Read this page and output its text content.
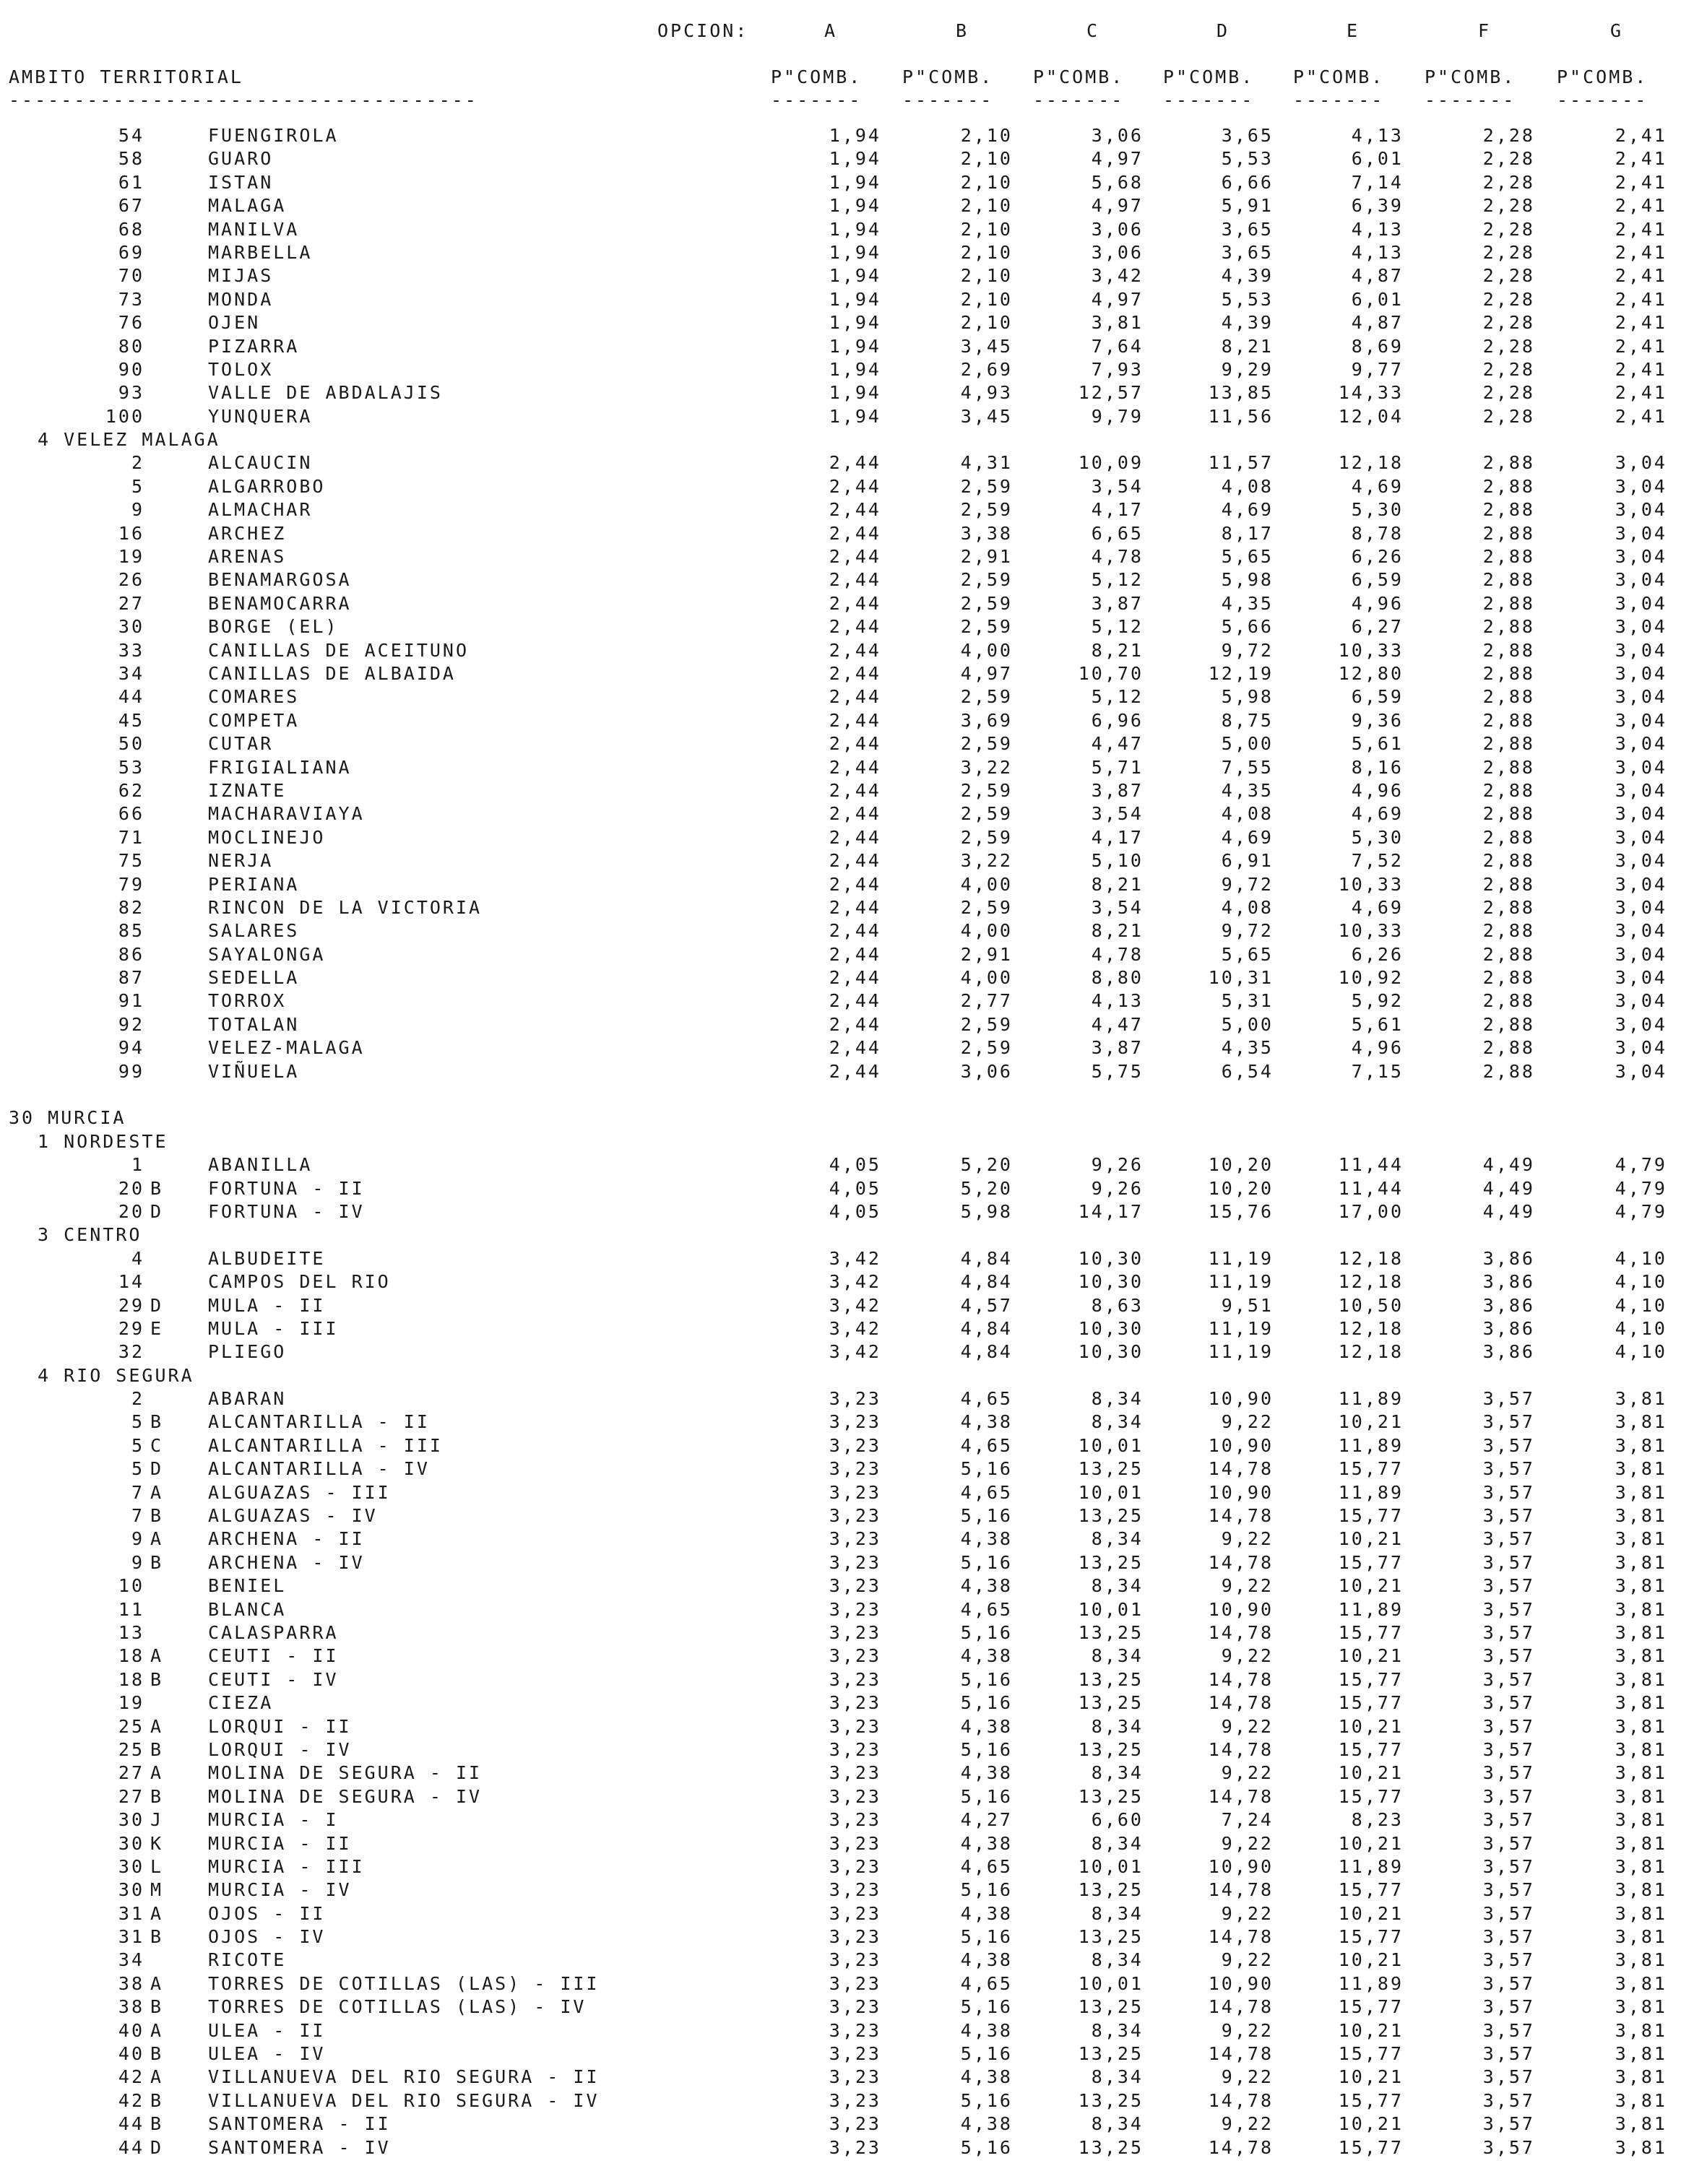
OPCION:	A	B	C	D	E	F	G
AMBITO TERRITORIAL	P"COMB. P"COMB. P"COMB. P"COMB. P"COMB. P"COMB. P"COMB.
------------------------------------	------- ------- ------- ------- ------- ------- -------
54	FUENGIROLA	1,94	2,10	3,06	3,65	4,13	2,28	2,41
58	GUARO	1,94	2,10	4,97	5,53	6,01	2,28	2,41
61	ISTAN	1,94	2,10	5,68	6,66	7,14	2,28	2,41
67	MALAGA	1,94	2,10	4,97	5,91	6,39	2,28	2,41
68	MANILVA	1,94	2,10	3,06	3,65	4,13	2,28	2,41
69	MARBELLA	1,94	2,10	3,06	3,65	4,13	2,28	2,41
70	MIJAS	1,94	2,10	3,42	4,39	4,87	2,28	2,41
73	MONDA	1,94	2,10	4,97	5,53	6,01	2,28	2,41
76	OJEN	1,94	2,10	3,81	4,39	4,87	2,28	2,41
80	PIZARRA	1,94	3,45	7,64	8,21	8,69	2,28	2,41
90	TOLOX	1,94	2,69	7,93	9,29	9,77	2,28	2,41
93	VALLE DE ABDALAJIS	1,94	4,93	12,57	13,85	14,33	2,28	2,41
100	YUNQUERA	1,94	3,45	9,79	11,56	12,04	2,28	2,41
4 VELEZ MALAGA
2	ALCAUCIN	2,44	4,31	10,09	11,57	12,18	2,88	3,04
5	ALGARROBO	2,44	2,59	3,54	4,08	4,69	2,88	3,04
9	ALMACHAR	2,44	2,59	4,17	4,69	5,30	2,88	3,04
16	ARCHEZ	2,44	3,38	6,65	8,17	8,78	2,88	3,04
19	ARENAS	2,44	2,91	4,78	5,65	6,26	2,88	3,04
26	BENAMARGOSA	2,44	2,59	5,12	5,98	6,59	2,88	3,04
27	BENAMOCARRA	2,44	2,59	3,87	4,35	4,96	2,88	3,04
30	BORGE (EL)	2,44	2,59	5,12	5,66	6,27	2,88	3,04
33	CANILLAS DE ACEITUNO	2,44	4,00	8,21	9,72	10,33	2,88	3,04
34	CANILLAS DE ALBAIDA	2,44	4,97	10,70	12,19	12,80	2,88	3,04
44	COMARES	2,44	2,59	5,12	5,98	6,59	2,88	3,04
45	COMPETA	2,44	3,69	6,96	8,75	9,36	2,88	3,04
50	CUTAR	2,44	2,59	4,47	5,00	5,61	2,88	3,04
53	FRIGIALIANA	2,44	3,22	5,71	7,55	8,16	2,88	3,04
62	IZNATE	2,44	2,59	3,87	4,35	4,96	2,88	3,04
66	MACHARAVIAYA	2,44	2,59	3,54	4,08	4,69	2,88	3,04
71	MOCLINEJO	2,44	2,59	4,17	4,69	5,30	2,88	3,04
75	NERJA	2,44	3,22	5,10	6,91	7,52	2,88	3,04
79	PERIANA	2,44	4,00	8,21	9,72	10,33	2,88	3,04
82	RINCON DE LA VICTORIA	2,44	2,59	3,54	4,08	4,69	2,88	3,04
85	SALARES	2,44	4,00	8,21	9,72	10,33	2,88	3,04
86	SAYALONGA	2,44	2,91	4,78	5,65	6,26	2,88	3,04
87	SEDELLA	2,44	4,00	8,80	10,31	10,92	2,88	3,04
91	TORROX	2,44	2,77	4,13	5,31	5,92	2,88	3,04
92	TOTALAN	2,44	2,59	4,47	5,00	5,61	2,88	3,04
94	VELEZ-MALAGA	2,44	2,59	3,87	4,35	4,96	2,88	3,04
99	VIÑUELA	2,44	3,06	5,75	6,54	7,15	2,88	3,04
30 MURCIA
1 NORDESTE
1	ABANILLA	4,05	5,20	9,26	10,20	11,44	4,49	4,79
20 B	FORTUNA - II	4,05	5,20	9,26	10,20	11,44	4,49	4,79
20 D	FORTUNA - IV	4,05	5,98	14,17	15,76	17,00	4,49	4,79
3 CENTRO
4	ALBUDEITE	3,42	4,84	10,30	11,19	12,18	3,86	4,10
14	CAMPOS DEL RIO	3,42	4,84	10,30	11,19	12,18	3,86	4,10
29 D	MULA - II	3,42	4,57	8,63	9,51	10,50	3,86	4,10
29 E	MULA - III	3,42	4,84	10,30	11,19	12,18	3,86	4,10
32	PLIEGO	3,42	4,84	10,30	11,19	12,18	3,86	4,10
4 RIO SEGURA
2	ABARAN	3,23	4,65	8,34	10,90	11,89	3,57	3,81
5 B	ALCANTARILLA - II	3,23	4,38	8,34	9,22	10,21	3,57	3,81
5 C	ALCANTARILLA - III	3,23	4,65	10,01	10,90	11,89	3,57	3,81
5 D	ALCANTARILLA - IV	3,23	5,16	13,25	14,78	15,77	3,57	3,81
7 A	ALGUAZAS - III	3,23	4,65	10,01	10,90	11,89	3,57	3,81
7 B	ALGUAZAS - IV	3,23	5,16	13,25	14,78	15,77	3,57	3,81
9 A	ARCHENA - II	3,23	4,38	8,34	9,22	10,21	3,57	3,81
9 B	ARCHENA - IV	3,23	5,16	13,25	14,78	15,77	3,57	3,81
10	BENIEL	3,23	4,38	8,34	9,22	10,21	3,57	3,81
11	BLANCA	3,23	4,65	10,01	10,90	11,89	3,57	3,81
13	CALASPARRA	3,23	5,16	13,25	14,78	15,77	3,57	3,81
18 A	CEUTI - II	3,23	4,38	8,34	9,22	10,21	3,57	3,81
18 B	CEUTI - IV	3,23	5,16	13,25	14,78	15,77	3,57	3,81
19	CIEZA	3,23	5,16	13,25	14,78	15,77	3,57	3,81
25 A	LORQUI - II	3,23	4,38	8,34	9,22	10,21	3,57	3,81
25 B	LORQUI - IV	3,23	5,16	13,25	14,78	15,77	3,57	3,81
27 A	MOLINA DE SEGURA - II	3,23	4,38	8,34	9,22	10,21	3,57	3,81
27 B	MOLINA DE SEGURA - IV	3,23	5,16	13,25	14,78	15,77	3,57	3,81
30 J	MURCIA - I	3,23	4,27	6,60	7,24	8,23	3,57	3,81
30 K	MURCIA - II	3,23	4,38	8,34	9,22	10,21	3,57	3,81
30 L	MURCIA - III	3,23	4,65	10,01	10,90	11,89	3,57	3,81
30 M	MURCIA - IV	3,23	5,16	13,25	14,78	15,77	3,57	3,81
31 A	OJOS - II	3,23	4,38	8,34	9,22	10,21	3,57	3,81
31 B	OJOS - IV	3,23	5,16	13,25	14,78	15,77	3,57	3,81
34	RICOTE	3,23	4,38	8,34	9,22	10,21	3,57	3,81
38 A	TORRES DE COTILLAS (LAS) - III	3,23	4,65	10,01	10,90	11,89	3,57	3,81
38 B	TORRES DE COTILLAS (LAS) - IV	3,23	5,16	13,25	14,78	15,77	3,57	3,81
40 A	ULEA - II	3,23	4,38	8,34	9,22	10,21	3,57	3,81
40 B	ULEA - IV	3,23	5,16	13,25	14,78	15,77	3,57	3,81
42 A	VILLANUEVA DEL RIO SEGURA - II	3,23	4,38	8,34	9,22	10,21	3,57	3,81
42 B	VILLANUEVA DEL RIO SEGURA - IV	3,23	5,16	13,25	14,78	15,77	3,57	3,81
44 B	SANTOMERA - II	3,23	4,38	8,34	9,22	10,21	3,57	3,81
44 D	SANTOMERA - IV	3,23	5,16	13,25	14,78	15,77	3,57	3,81
